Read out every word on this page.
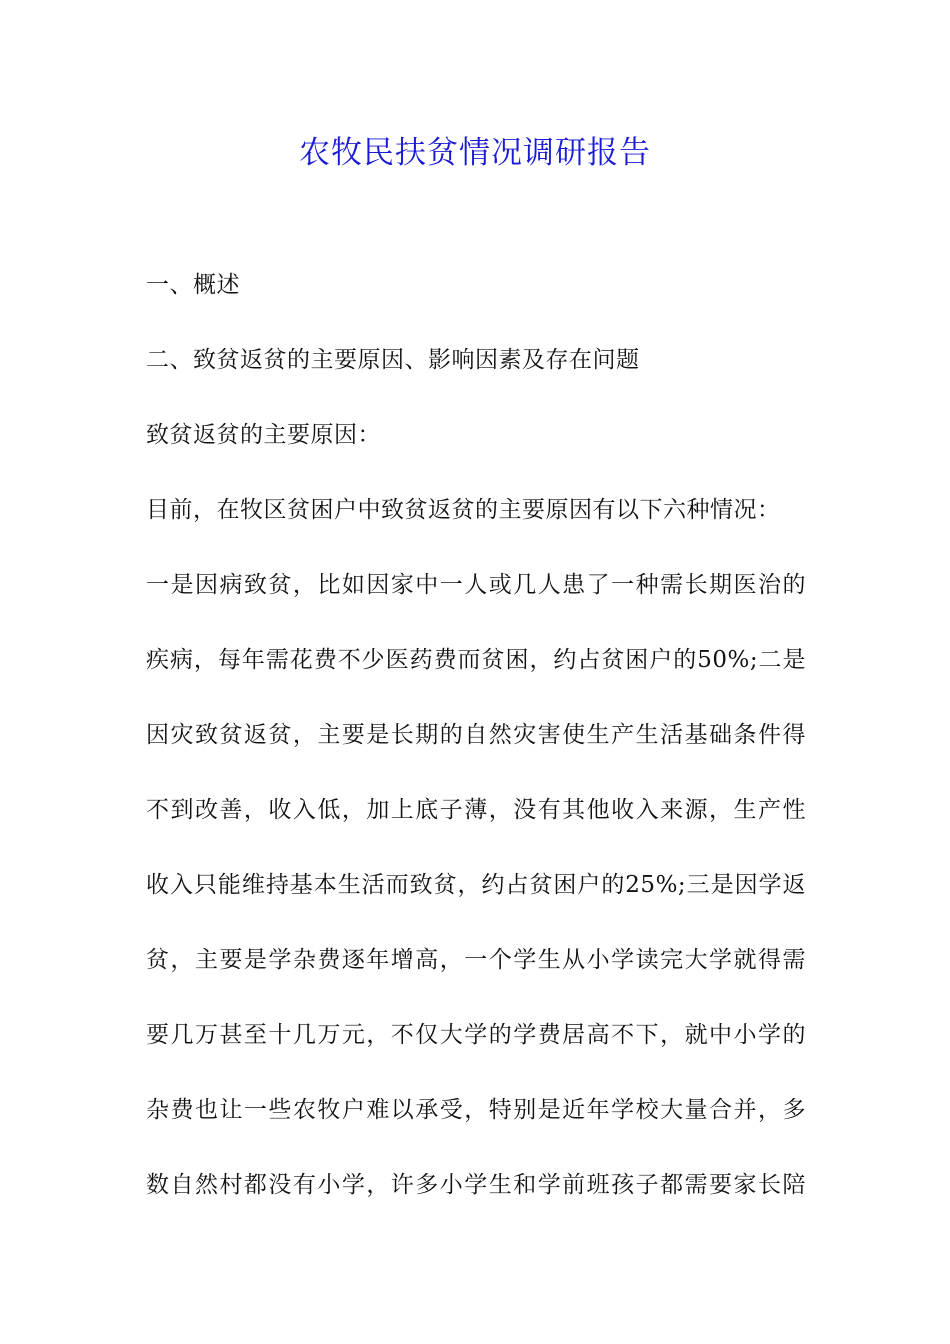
农牧民扶贫情况调研报告
一、概述
二、致贫返贫的主要原因、影响因素及存在问题
致贫返贫的主要原因：
目前，在牧区贫困户中致贫返贫的主要原因有以下六种情况：
一是因病致贫，比如因家中一人或几人患了一种需长期医治的
疾病，每年需花费不少医药费而贫困，约占贫困户的50%;二是
因灾致贫返贫，主要是长期的自然灾害使生产生活基础条件得
不到改善，收入低，加上底子薄，没有其他收入来源，生产性
收入只能维持基本生活而致贫，约占贫困户的25%;三是因学返
贫，主要是学杂费逐年增高，一个学生从小学读完大学就得需
要几万甚至十几万元，不仅大学的学费居高不下，就中小学的
杂费也让一些农牧户难以承受，特别是近年学校大量合并，多
数自然村都没有小学，许多小学生和学前班孩子都需要家长陪
